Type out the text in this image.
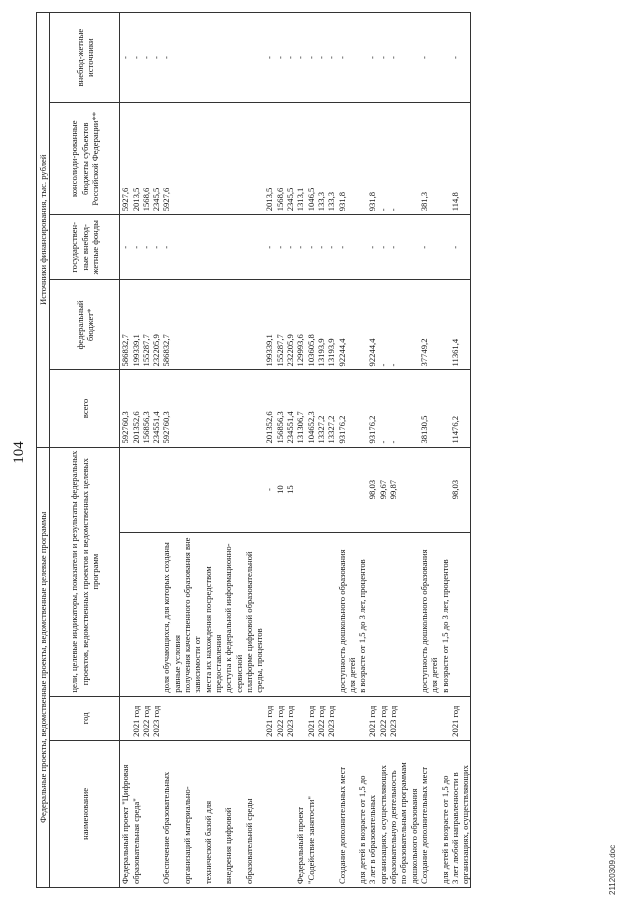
104
Федеральные проекты, ведомственные проекты, ведомственные целевые программы				Источники финансирования, тыс. рублей				
наименование	год	цели, целевые индикаторы, показатели и результаты федеральных проектов, ведомственных проектов и ведомственных целевых программ		всего	федеральный бюджет*	государствен-ные внебюд-жетные фонды	консолиди-рованные бюджеты субъектов Российской Федерации**	внебюд-жетные источники
Федеральный проект "Цифровая				592760,3	586832,7	-	5927,6	-
образовательная среда"	2021 год			201352,6	199339,1	-	2013,5	-
	2022 год			156856,3	155287,7	-	1568,6	-
	2023 год			234551,4	232205,9	-	2345,5	-
Обеспечение образовательных		доля обучающихся, для которых созданы равные условия		592760,3	586832,7	-	5927,6	-
организаций материально-		получения качественного образования вне зависимости от						
технической базой для		места их нахождения посредством предоставления						
внедрения цифровой		доступа к федеральной информационно-сервисной						
образовательной среды		платформе цифровой образовательной среды, процентов						
	2021 год		-	201352,6	199339,1	-	2013,5	-
	2022 год		10	156856,3	155287,7	-	1568,6	-
	2023 год		15	234551,4	232205,9	-	2345,5	-
Федеральный проект				131306,7	129993,6	-	1313,1	-
"Содействие занятости"	2021 год			104652,3	103605,8	-	1046,5	-
	2022 год			13327,2	13193,9	-	133,3	-
	2023 год			13327,2	13193,9	-	133,3	-
Создание дополнительных мест		доступность дошкольного образования для детей		93176,2	92244,4	-	931,8	-
для детей в возрасте от 1,5 до		в возрасте от 1,5 до 3 лет, процентов						
3 лет в образовательных	2021 год		98,03	93176,2	92244,4	-	931,8	-
организациях, осуществляющих	2022 год		99,67	-	-	-	-	-
образовательную деятельность	2023 год		99,87	-	-	-	-	-
по образовательным программам								
дошкольного образования								
Создание дополнительных мест		доступность дошкольного образования для детей		38130,5	37749,2	-	381,3	-
для детей в возрасте от 1,5 до		в возрасте от 1,5 до 3 лет, процентов						
3 лет любой направленности в	2021 год		98,03	11476,2	11361,4	-	114,8	-
организациях, осуществляющих									21120309.doc
